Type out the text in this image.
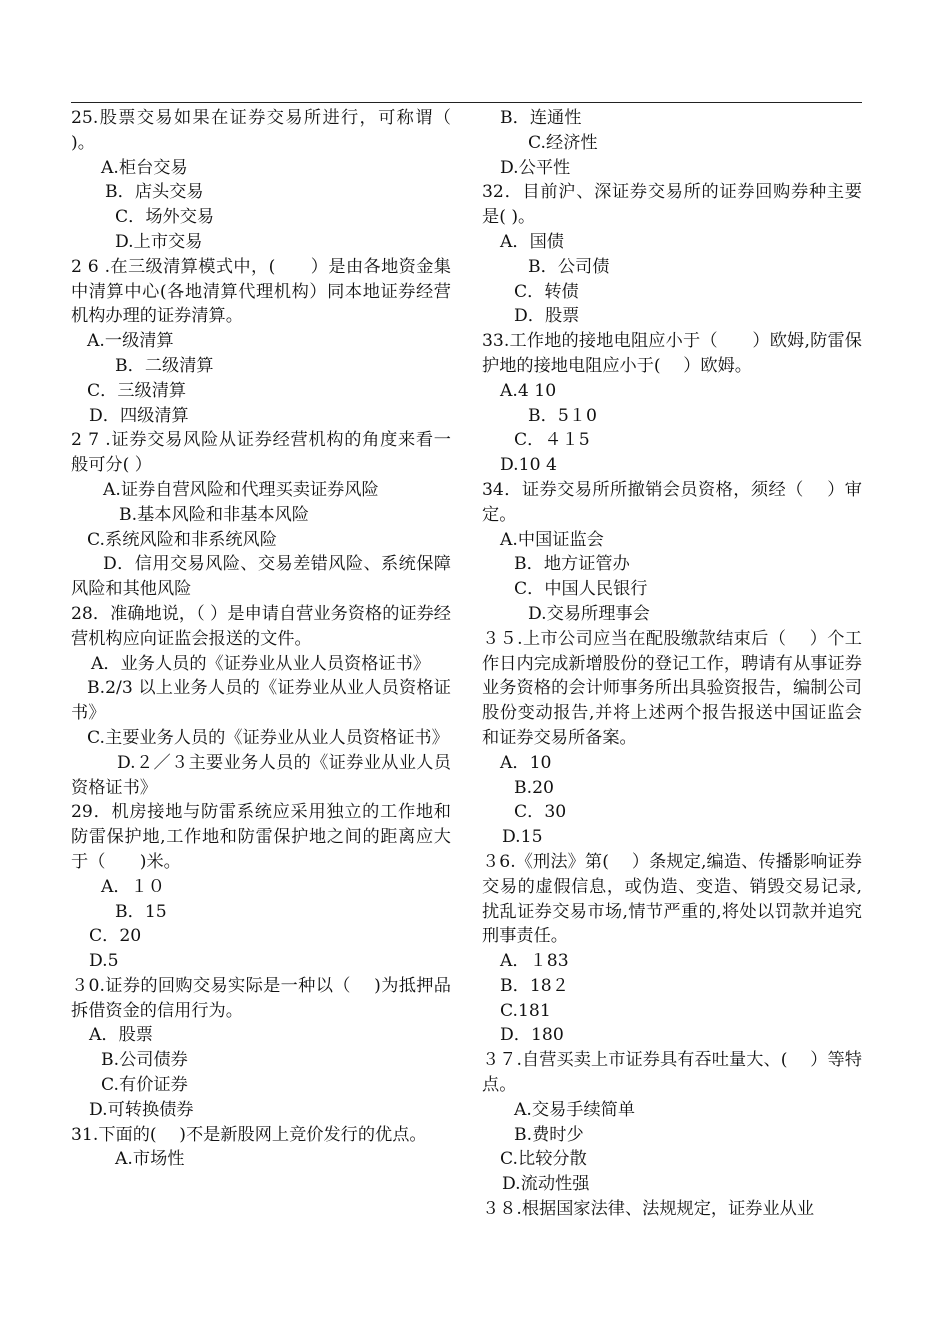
25.股票交易如果在证券交易所进行，可称谓（ )。

A.柜台交易

B．店头交易

C．场外交易

D.上市交易

2 6 .在三级清算模式中，(　　）是由各地资金集中清算中心(各地清算代理机构）同本地证券经营机构办理的证券清算。

A.一级清算

B．二级清算

C．三级清算

D．四级清算

2 7 .证券交易风险从证券经营机构的角度来看一般可分( ）

A.证券自营风险和代理买卖证券风险

B.基本风险和非基本风险

C.系统风险和非系统风险

D．信用交易风险、交易差错风险、系统保障风险和其他风险

28．准确地说，（ ）是申请自营业务资格的证券经营机构应向证监会报送的文件。

A．业务人员的《证券业从业人员资格证书》

B.2/3 以上业务人员的《证券业从业人员资格证书》

C.主要业务人员的《证券业从业人员资格证书》

D.２／３主要业务人员的《证券业从业人员资格证书》

29．机房接地与防雷系统应采用独立的工作地和防雷保护地,工作地和防雷保护地之间的距离应大于（　　)米。

A．１０

B．15

C．20

D.5

３0.证券的回购交易实际是一种以（　 )为抵押品拆借资金的信用行为。

A．股票

B.公司债券

C.有价证券

D.可转换债券

31.下面的(　 )不是新股网上竞价发行的优点。

A.市场性

B．连通性

C.经济性

D.公平性

32．目前沪、深证券交易所的证券回购券种主要是( )。

A．国债

B．公司债

C．转债

D．股票

33.工作地的接地电阻应小于（　　）欧姆,防雷保护地的接地电阻应小于(　 ）欧姆。

A.4 10

B．5１0

C．４１5

D.10 4

34．证券交易所所撤销会员资格，须经（　 ）审定。

A.中国证监会

B．地方证管办

C．中国人民银行

D.交易所理事会

３５.上市公司应当在配股缴款结束后（　 ）个工作日内完成新增股份的登记工作，聘请有从事证券业务资格的会计师事务所出具验资报告，编制公司股份变动报告,并将上述两个报告报送中国证监会和证券交易所备案。

A．10

B.20

C．30

D.15

３6.《刑法》第(　 ）条规定,编造、传播影响证券交易的虚假信息，或伪造、变造、销毁交易记录,扰乱证券交易市场,情节严重的,将处以罚款并追究刑事责任。

A．１83

B．18２

C.181

D．180

３７.自营买卖上市证券具有吞吐量大、(　 ）等特点。

A.交易手续简单

B.费时少

C.比较分散

D.流动性强

３８.根据国家法律、法规规定，证券业从业
